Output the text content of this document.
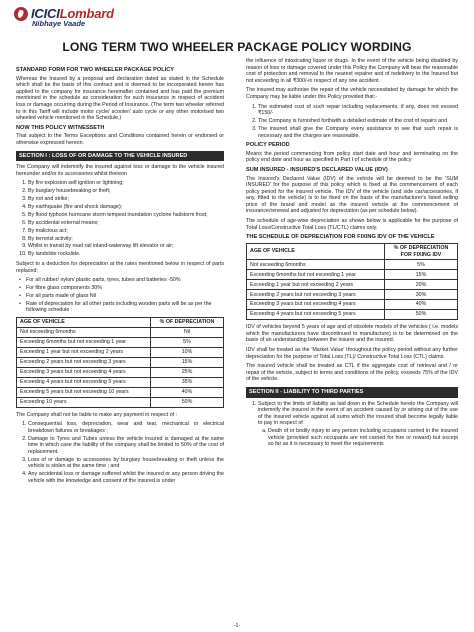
ICICILombard
Nibhaye Vaade
LONG TERM TWO WHEELER PACKAGE POLICY WORDING
STANDARD FORM FOR TWO WHEELER PACKAGE POLICY
Whereas the Insured by a proposal and declaration dated as stated in the Schedule which shall be the basis of this contract and is deemed to be incorporated herein has applied to the company for insurance hereinafter contained and has paid the premium mentioned in the schedule as consideration for such insurance in respect of accident loss or damage occurring during the Period of Insurance. (The term two wheeler referred to in this Tariff will include motor cycle/ scooter/ auto cycle or any other motorised two wheeled vehicle mentioned in the Schedule.)
NOW THIS POLICY WITNESSETH
That subject to the Terms Exceptions and Conditions contained herein or endorsed or otherwise expressed hereon.
SECTION I : LOSS OF OR DAMAGE TO THE VEHICLE INSURED
The Company will indemnify the insured against loss or damage to the vehicle insured hereunder and/or its accessories whilst thereon
1. By fire explosion self ignition or lightning;
2. By burglary housebreaking or theft;
3. By riot and strike;
4. By earthquake (fire and shock damage);
5. By flood typhoon hurricane storm tempest inundation cyclone hailstorm frost;
6. By accidental external means;
7. By malicious act;
8. By terrorist activity;
9. Whilst in transit by road rail inland-waterway lift elevator or air;
10. By landslide rockslide.
Subject to a deduction for depreciation at the rates mentioned below in respect of parts replaced;
• For all rubber/ nylon/ plastic parts, tyres, tubes and batteries -50%
• For fibre glass components 30%
• For all parts made of glass Nil
• Rate of depreciation for all other parts including wooden parts will be as per the following schedule :
AGE OF VEHICLE	% OF DEPRECIATION
Not exceeding 6months	Nil
Exceeding 6months but not exceeding 1 year	5%
Exceeding 1 year but not exceeding 2 years	10%
Exceeding 2 years but not exceeding 3 years	15%
Exceeding 3 years but not exceeding 4 years	25%
Exceeding 4 years but not exceeding 5 years	35%
Exceeding 5 years but not exceeding 10 years	40%
Exceeding 10 years	50%
The Company shall not be liable to make any payment in respect of :
1. Consequential loss, depreciation, wear and tear, mechanical or electrical breakdown failures or breakages ;
2. Damage to Tyres and Tubes unless the vehicle insured is damaged at the same time in which case the liability of the company shall be limited to 50% of the cost of replacement.
3. Loss of or damage to accessories by burglary housebreaking or theft unless the vehicle is stolen at the same time ; and
4. Any accidental loss or damage suffered whilst the insured or any person driving the vehicle with the knowledge and consent of the insured is under
the influence of intoxicating liquor or drugs. In the event of the vehicle being disabled by reason of loss or damage covered under this Policy the Company will bear the reasonable cost of protection and removal to the nearest repairer and of redelivery to the Insured but not exceeding in all ₹300/-in respect of any one accident.
The insured may authorise the repair of the vehicle necessitated by damage for which the Company may be liable under this Policy provided that:-
1. The estimated cost of such repair including replacements, if any, does not exceed ₹150/-
2. The Company is furnished forthwith a detailed estimate of the cost of repairs and
3. The insured shall give the Company every assistance to see that such repair is necessary and the charges are reasonable.
POLICY PERIOD
Means the period commencing from policy start date and hour and terminating on the policy end date and hour as specified in Part I of schedule of the policy
SUM INSURED - INSURED'S DECLARED VALUE (IDV)
The Insured's Declared Value (IDV) of the vehicle will be deemed to be the 'SUM INSURED' for the purpose of this policy which is fixed at the commencement of each policy period for the insured vehicle. The IDV of the vehicle (and side car/accessories, if any, fitted to the vehicle) is to be fixed on the basis of the manufacturer's listed selling price of the brand and model as the insured vehicle at the commencement of insurance/renewal and adjusted for depreciation (as per schedule below).
The schedule of age-wise depreciation as shown below is applicable for the purpose of Total Loss/Constructive Total Loss (TL/CTL) claims only.
THE SCHEDULE OF DEPRECIATION FOR FIXING IDV OF THE VEHICLE
AGE OF VEHICLE	% OF DEPRECIATION FOR FIXING IDV
Not exceeding 6months	5%
Exceeding 6months but not exceeding 1 year	15%
Exceeding 1 year but not exceeding 2 years	20%
Exceeding 2 years but not exceeding 3 years	30%
Exceeding 3 years but not exceeding 4 years	40%
Exceeding 4 years but not exceeding 5 years	50%
IDV of vehicles beyond 5 years of age and of obsolete models of the vehicles ( i.e. models which the manufacturers have discontinued to manufacture) is to be determined on the basis of an understanding between the insurer and the insured.
IDV shall be treated as the 'Market Value' throughout the policy period without any further depreciation for the purpose of Total Loss (TL)/ Constructive Total Loss (CTL) claims.
The insured vehicle shall be treated as CTL if the aggregate cost of retrieval and / or repair of the vehicle, subject to terms and conditions of the policy, exceeds 75% of the IDV of the vehicle.
SECTION II - LIABILITY TO THIRD PARTIES
1. Subject to the limits of liability as laid down in the Schedule hereto the Company will indemnify the insured in the event of an accident caused by or arising out of the use of the insured vehicle against all sums which the insured shall become legally liable to pay in respect of
a. Death of or bodily injury to any person including occupants carried in the insured vehicle (provided such occupants are not carried for hire or reward) but except so far as it is necessary to meet the requirements
-1-
